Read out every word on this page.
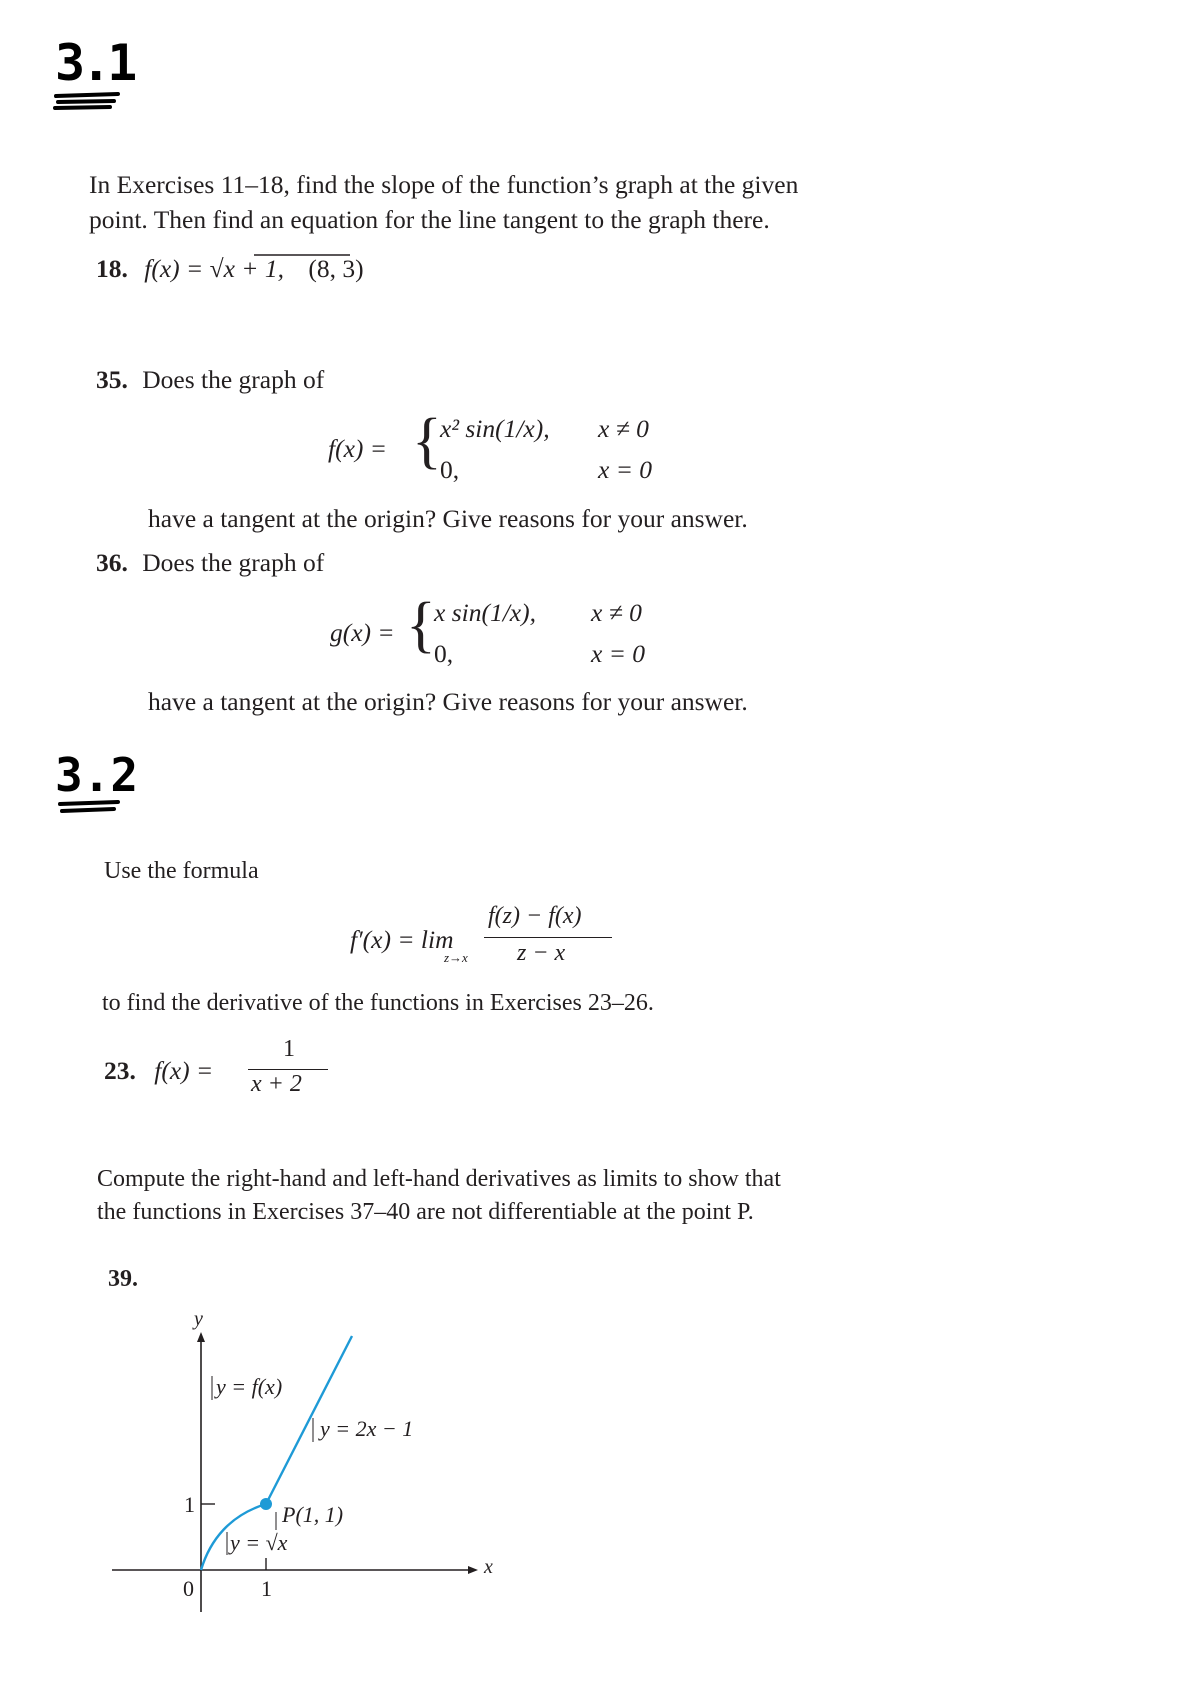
3.1
In Exercises 11–18, find the slope of the function’s graph at the given
point. Then find an equation for the line tangent to the graph there.
18. f(x) = √x + 1, (8, 3)
35. Does the graph of
f(x) = {
x² sin(1/x), x ≠ 0
0,	x = 0
have a tangent at the origin? Give reasons for your answer.
36. Does the graph of
g(x) = {
x sin(1/x), x ≠ 0
0,	x = 0
have a tangent at the origin? Give reasons for your answer.
3.2
Use the formula
f′(x) = lim
z→x
f(z) − f(x)
z − x
to find the derivative of the functions in Exercises 23–26.
23. f(x) =
1
x + 2
Compute the right-hand and left-hand derivatives as limits to show that
the functions in Exercises 37–40 are not differentiable at the point P.
39.
y
x
y = f(x)
y = 2x − 1
P(1, 1)
y = √x
1
1
0
